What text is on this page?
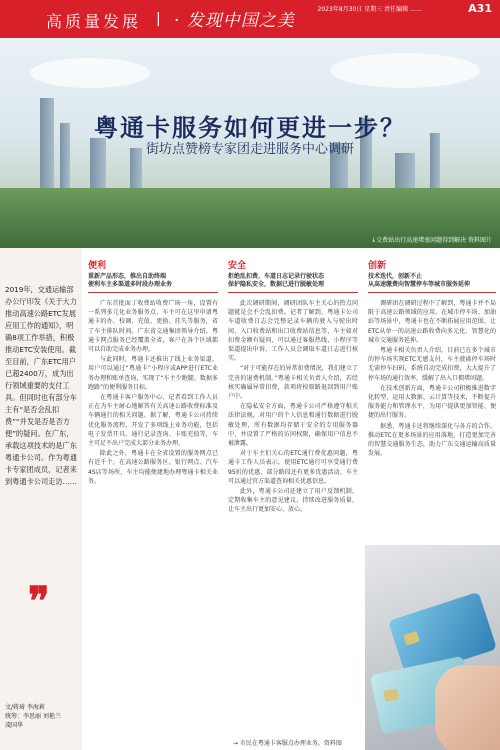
高质量发展 | · 发现中国之美
2023年8月30日 星期三 责任编辑 ……	A31
粤通卡服务如何更进一步？
街坊点赞榜专家团走进服务中心调研
↓交费站出行高速堵塞问题得到解决 资料图片
2019年，交通运输部办公厅印发《关于大力推动高速公路ETC发展应用工作的通知》，明确8项工作举措，积极推动ETC安装使用。截至目前，广东ETC用户已超2400万，成为出行领域重要的支付工具。但同时也有部分车主有“是否会乱扣费”“并发是否是否方便”的疑问。在广东，承载这项技术的是广东粤通卡公司。作为粤通卡专家团成员，记者来到粤通卡公司走访……
❞
文/蒋琦 李海莉
统筹：李思丽 刘艳兰
凌国华
便利
重新产品形态，推出自助终端
便利车主多渠道多时段办理业务

广东首批面丁收费站收费广场一角，设置有一系列多元化业务服务点，车主可在这里申请粤通卡的办、校调、充值、更换、挂失等服务，省了车主排队时间。广东省交通集团领导介绍，粤通卡网点服务已经覆盖全省，客户在各个区域都可以自助完成业务办理。

与此同时，粤通卡还推出了线上业务渠道，用户可以通过“粤通卡”小程序或APP进行ETC业务办理和账单查询，实现了“车主少跑腿、数据多跑路”的便利服务目标。

在粤通卡客户服务中心，记者看到工作人员正在为车主耐心地解答有关高速公路收费标准及车辆通行的相关问题。据了解，粤通卡公司持续优化服务流程，开发了多项线上业务功能，包括电子发票开具、通行记录查询、卡账充值等，车主可足不出户完成大部分业务办理。

除此之外，粤通卡在全省设置的服务网点已有近千个，在高速公路服务区、银行网点、汽车4S店等场所，车主均能便捷地办理粤通卡相关业务。

安全
拒绝乱扣费，车道日志记录行驶状态
保护隐私安全，数据已进行脱敏处理

此次调研期间，调研团队车主关心的热点问题就是会不会乱扣费。记者了解到，粤通卡公司车道收费日志会完整记录车辆的驶入与驶出时间、入口收费站和出口收费站信息等，车主如对扣费金额有疑问，可以通过客服热线、小程序等渠道提出申诉，工作人员会调取车道日志进行核实。

“对于可能存在的异常扣费情况，我们建立了完善的退费机制。”粤通卡相关负责人介绍，若经核实确属异常扣费，款项将按原路退回到用户账户中。

在隐私安全方面，粤通卡公司严格遵守相关法律法规，对用户的个人信息和通行数据进行脱敏处理，所有数据均存储于安全的专用服务器中，并设置了严格的访问权限，确保用户信息不被泄露。

对于车主们关心的ETC通行费优惠问题，粤通卡工作人员表示，使用ETC通行可享受通行费95折的优惠，部分路段还有更多优惠活动。车主可以通过官方渠道查询相关优惠信息。

此外，粤通卡公司还建立了用户反馈机制，定期收集车主的意见建议，持续改进服务质量，让车主出行更加安心、放心。

创新
技术迭代，创新不止
从高速缴费向智慧停车等城市服务延伸

调研团在调研过程中了解到，粤通卡并不局限于高速公路领域的应用。在城市停车场、加油站等场景中，粤通卡也在不断拓展应用范围，让ETC从单一的高速公路收费向多元化、智慧化的城市交通服务延伸。

粤通卡相关负责人介绍，目前已在多个城市的停车场实现ETC无感支付，车主驶离停车场时无需停车扫码，系统自动完成扣费，大大提升了停车场的通行效率，缓解了出入口拥堵问题。

在技术创新方面，粤通卡公司积极推进数字化转型，运用大数据、云计算等技术，不断提升服务能力和管理水平，为用户提供更加智能、便捷的出行服务。

据悉，粤通卡还将继续深化与各方的合作，推动ETC在更多场景的应用落地，打造更加完善的智慧交通服务生态，助力广东交通运输高质量发展。

→ 市民在粤通卡客服点办理业务。资料图
